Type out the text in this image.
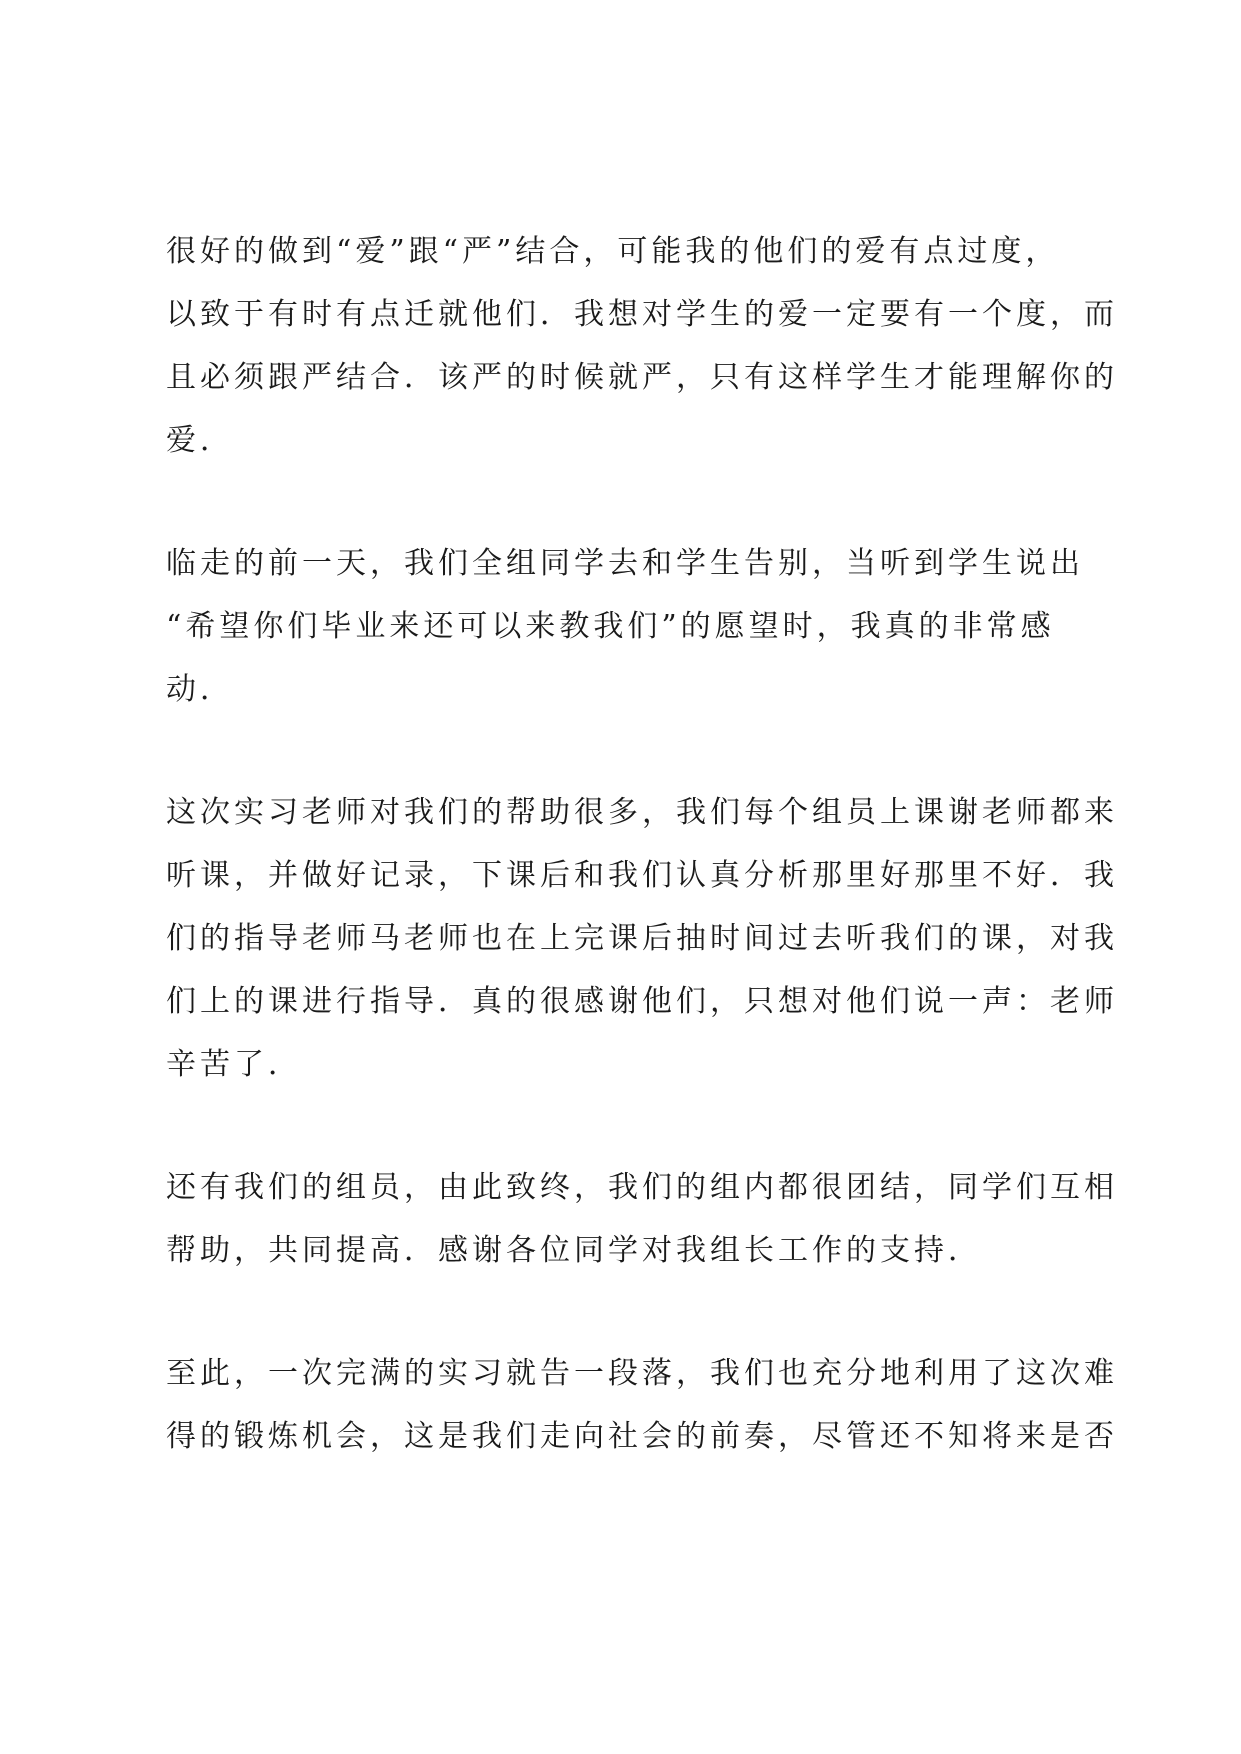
很好的做到“爱”跟“严”结合，可能我的他们的爱有点过度，
以致于有时有点迁就他们．我想对学生的爱一定要有一个度，而
且必须跟严结合．该严的时候就严，只有这样学生才能理解你的
爱．
临走的前一天，我们全组同学去和学生告别，当听到学生说出
“希望你们毕业来还可以来教我们”的愿望时，我真的非常感
动．
这次实习老师对我们的帮助很多，我们每个组员上课谢老师都来
听课，并做好记录，下课后和我们认真分析那里好那里不好．我
们的指导老师马老师也在上完课后抽时间过去听我们的课，对我
们上的课进行指导．真的很感谢他们，只想对他们说一声：老师
辛苦了．
还有我们的组员，由此致终，我们的组内都很团结，同学们互相
帮助，共同提高．感谢各位同学对我组长工作的支持．
至此，一次完满的实习就告一段落，我们也充分地利用了这次难
得的锻炼机会，这是我们走向社会的前奏，尽管还不知将来是否
